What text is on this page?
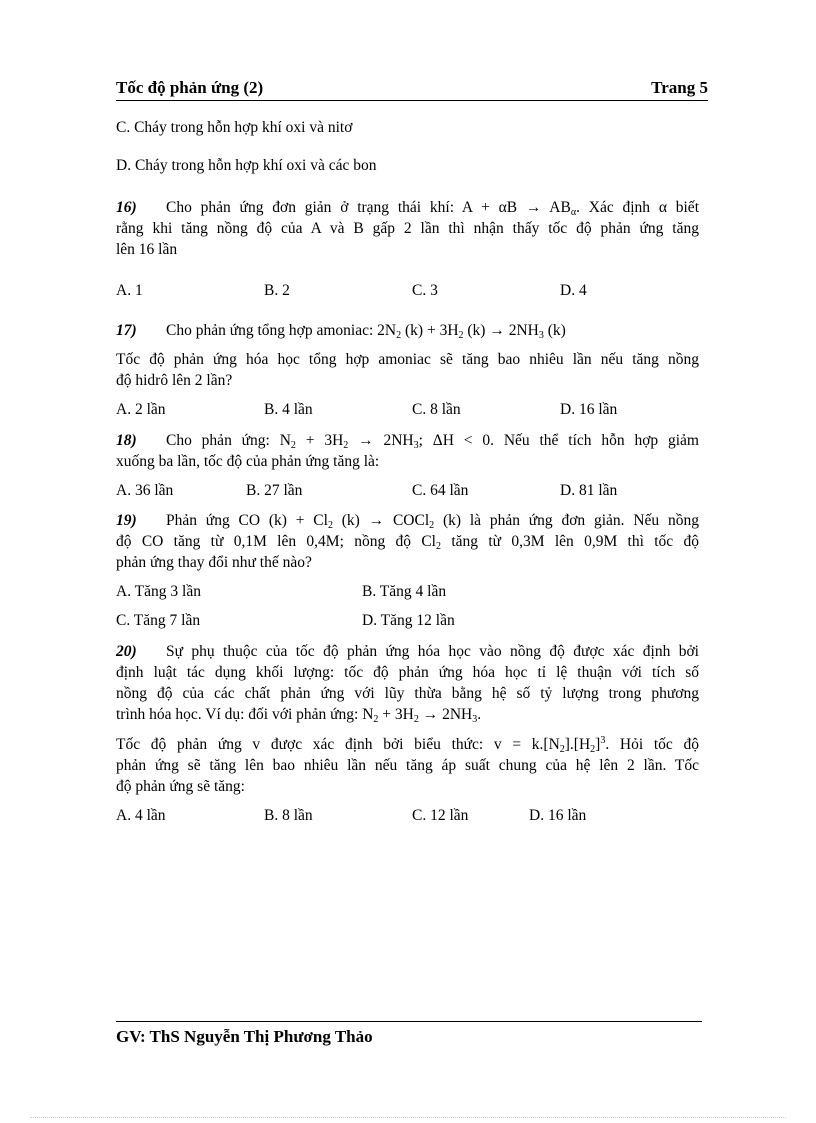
Tốc độ phản ứng (2)	Trang 5
C. Cháy trong hỗn hợp khí oxi và nitơ
D. Cháy trong hỗn hợp khí oxi và các bon
16) Cho phản ứng đơn giản ở trạng thái khí: $A + \alpha B \to AB_\alpha$. Xác định α biết
rằng khi tăng nồng độ của A và B gấp 2 lần thì nhận thấy tốc độ phản ứng tăng
lên 16 lần
A. 1	B. 2	C. 3	D. 4
17) Cho phản ứng tổng hợp amoniac: $2N_2$ $(k) + 3H_2$ $(k) \to 2NH_3$ (k)
Tốc độ phản ứng hóa học tổng hợp amoniac sẽ tăng bao nhiêu lần nếu tăng nồng
độ hidrô lên 2 lần?
A. 2 lần	B. 4 lần	C. 8 lần	D. 16 lần
18) Cho phản ứng: $N_2 + 3H_2 \to 2NH_3$; ΔH < 0. Nếu thể tích hỗn hợp giảm
xuống ba lần, tốc độ của phản ứng tăng là:
A. 36 lần	B. 27 lần	C. 64 lần	D. 81 lần
19) Phản ứng CO $(k) + Cl_2$ (k) → COCl$_2$ (k) là phản ứng đơn giản. Nếu nồng
độ CO tăng từ 0,1M lên 0,4M; nồng độ $Cl_2$ tăng từ 0,3M lên 0,9M thì tốc độ
phản ứng thay đổi như thế nào?
A. Tăng 3 lần	B. Tăng 4 lần
C. Tăng 7 lần	D. Tăng 12 lần
20) Sự phụ thuộc của tốc độ phản ứng hóa học vào nồng độ được xác định bởi
định luật tác dụng khối lượng: tốc độ phản ứng hóa học tỉ lệ thuận với tích số
nồng độ của các chất phản ứng với lũy thừa bằng hệ số tỷ lượng trong phương
trình hóa học. Ví dụ: đối với phản ứng: $N_2 + 3H_2 \to 2NH_3$.
Tốc độ phản ứng v được xác định bởi biểu thức: $v = k.[N_2].[H_2]^3$. Hỏi tốc độ
phản ứng sẽ tăng lên bao nhiêu lần nếu tăng áp suất chung của hệ lên 2 lần. Tốc
độ phản ứng sẽ tăng:
A. 4 lần	B. 8 lần	C. 12 lần	D. 16 lần
GV: ThS Nguyễn Thị Phương Thảo
